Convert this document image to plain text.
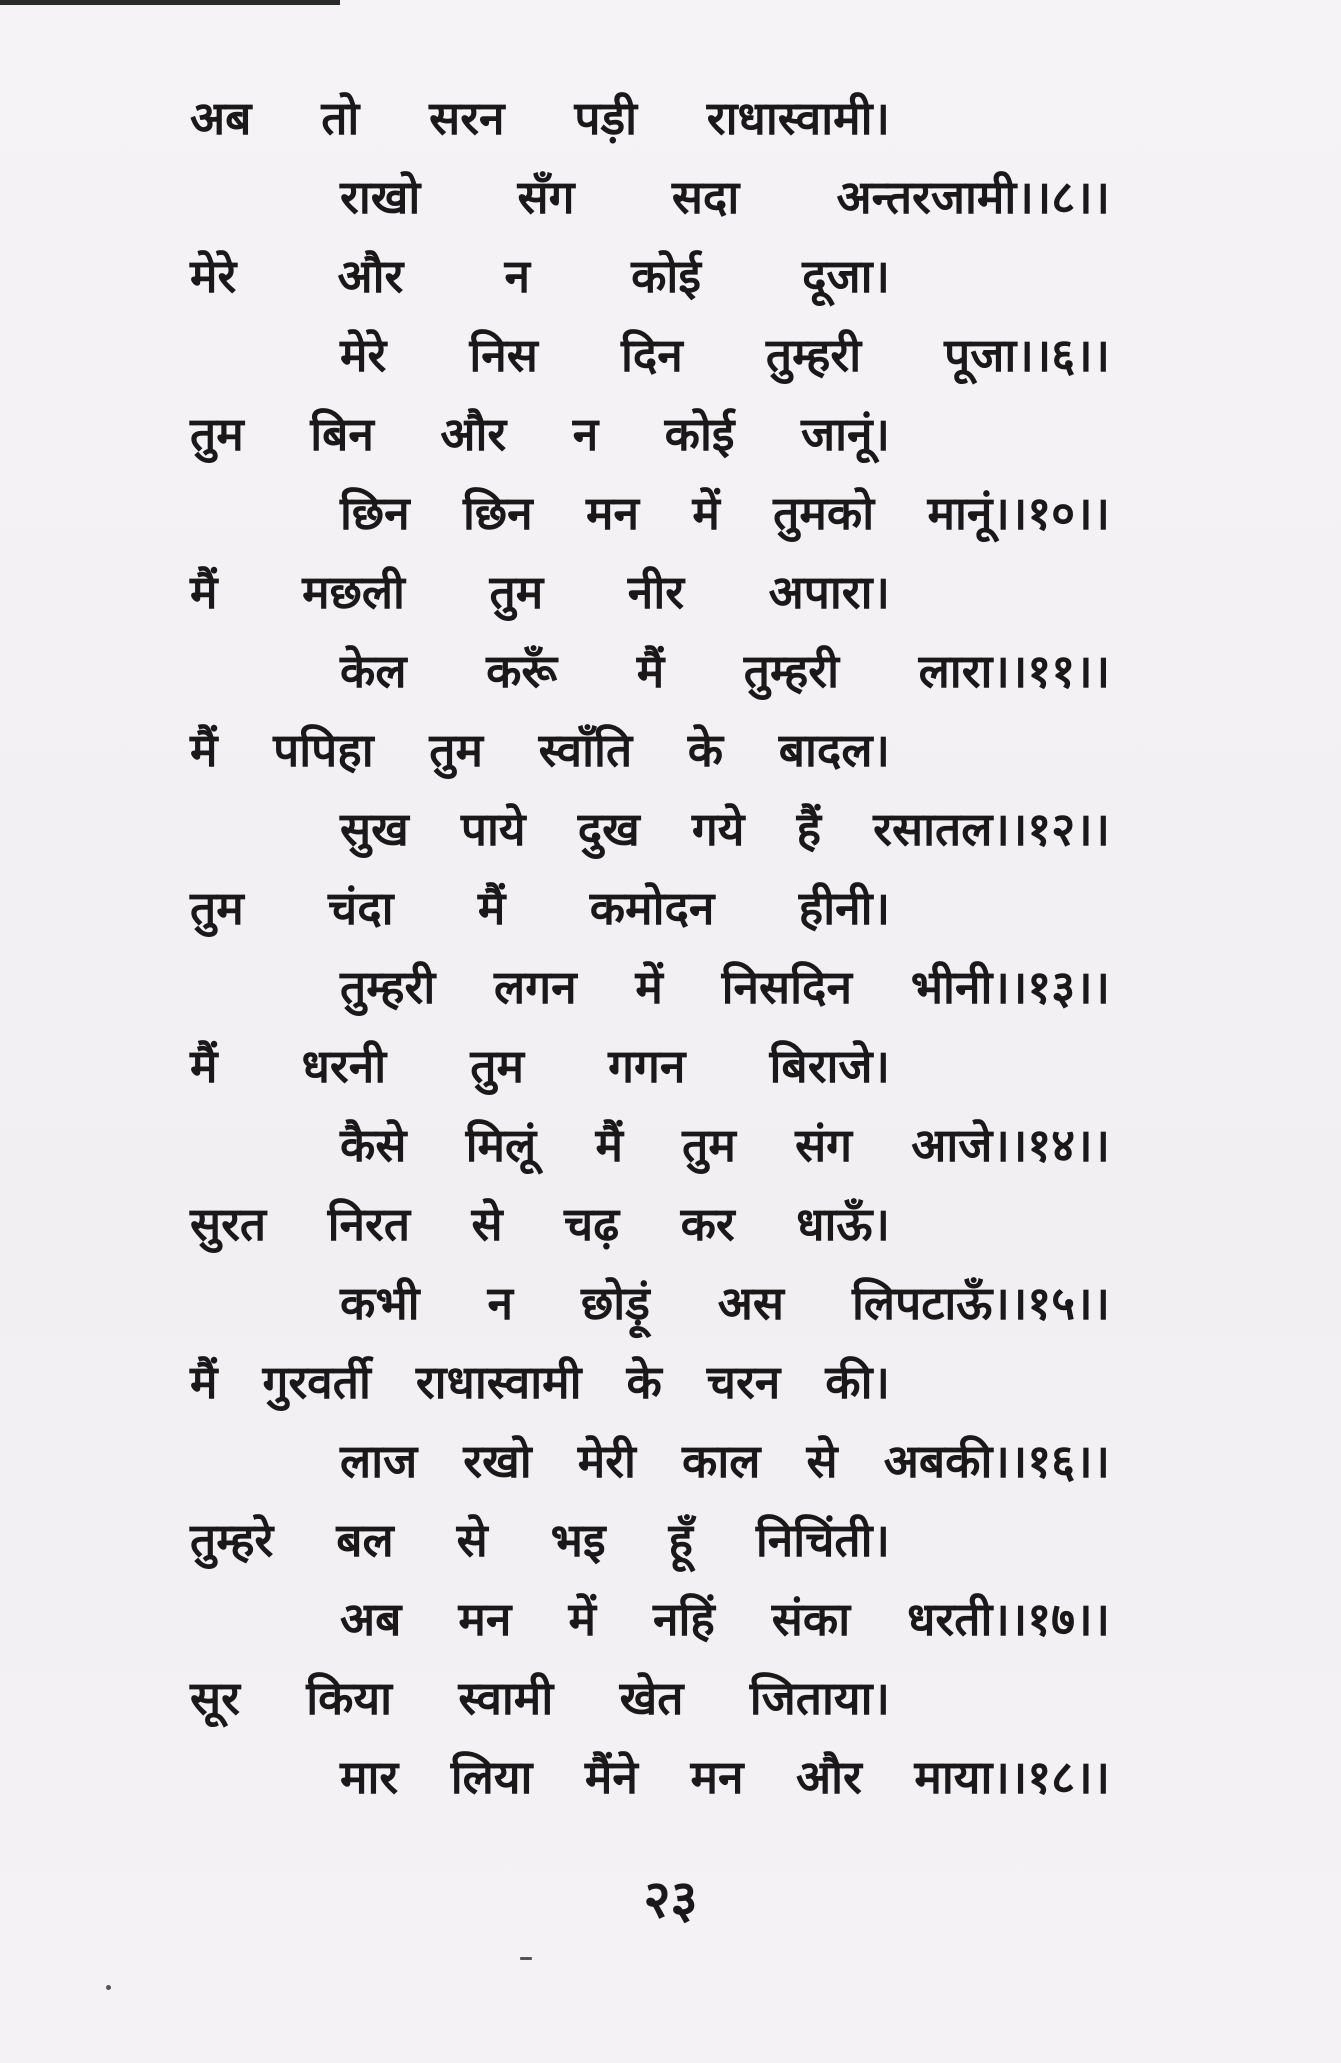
अब तो सरन पड़ी राधास्वामी।
राखो सँग सदा अन्तरजामी।।८।।
मेरे और न कोई दूजा।
मेरे निस दिन तुम्हरी पूजा।।६।।
तुम बिन और न कोई जानूं।
छिन छिन मन में तुमको मानूं।।१०।।
मैं मछली तुम नीर अपारा।
केल करूँ मैं तुम्हरी लारा।।११।।
मैं पपिहा तुम स्वाँति के बादल।
सुख पाये दुख गये हैं रसातल।।१२।।
तुम चंदा मैं कमोदन हीनी।
तुम्हरी लगन में निसदिन भीनी।।१३।।
मैं धरनी तुम गगन बिराजे।
कैसे मिलूं मैं तुम संग आजे।।१४।।
सुरत निरत से चढ़ कर धाऊँ।
कभी न छोड़ूं अस लिपटाऊँ।।१५।।
मैं गुरवर्ती राधास्वामी के चरन की।
लाज रखो मेरी काल से अबकी।।१६।।
तुम्हरे बल से भइ हूँ निचिंती।
अब मन में नहिं संका धरती।।१७।।
सूर किया स्वामी खेत जिताया।
मार लिया मैंने मन और माया।।१८।।
२३
